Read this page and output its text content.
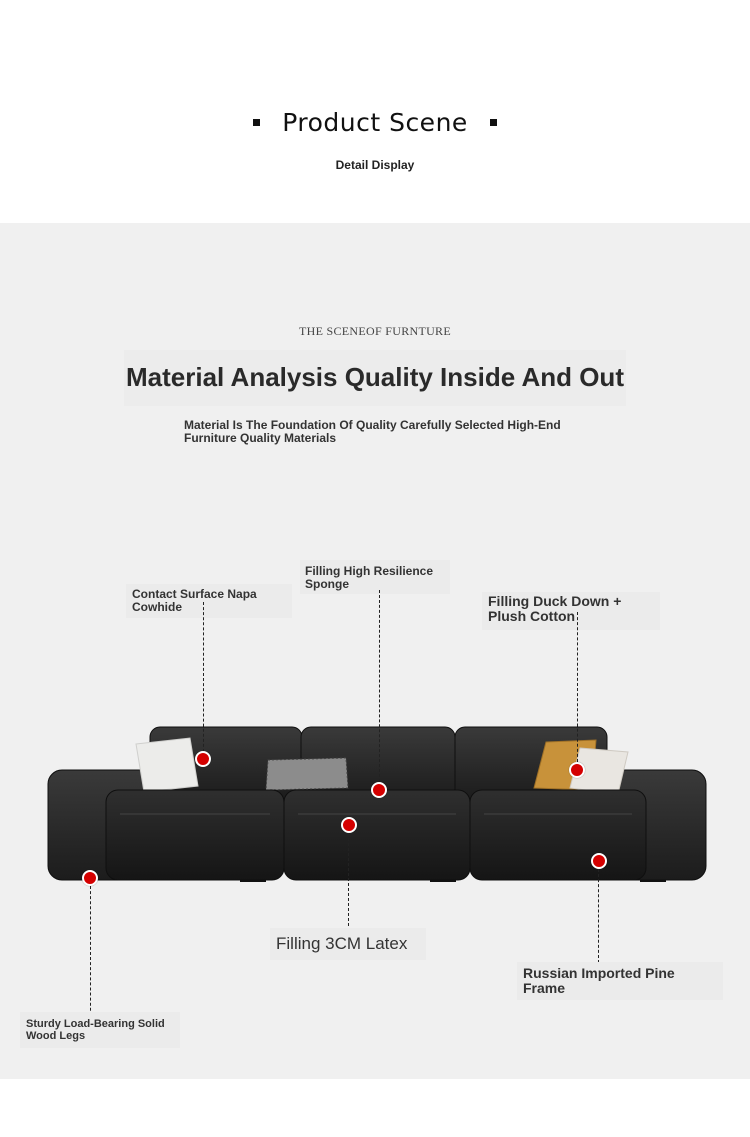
Product Scene
Detail Display
THE SCENEOF FURNTURE
Material Analysis Quality Inside And Out
Material Is The Foundation Of Quality Carefully Selected High-End Furniture Quality Materials
Contact Surface Napa Cowhide
Filling High Resilience Sponge
Filling Duck Down + Plush Cotton
Filling 3CM Latex
Russian Imported Pine Frame
Sturdy Load-Bearing Solid Wood Legs
